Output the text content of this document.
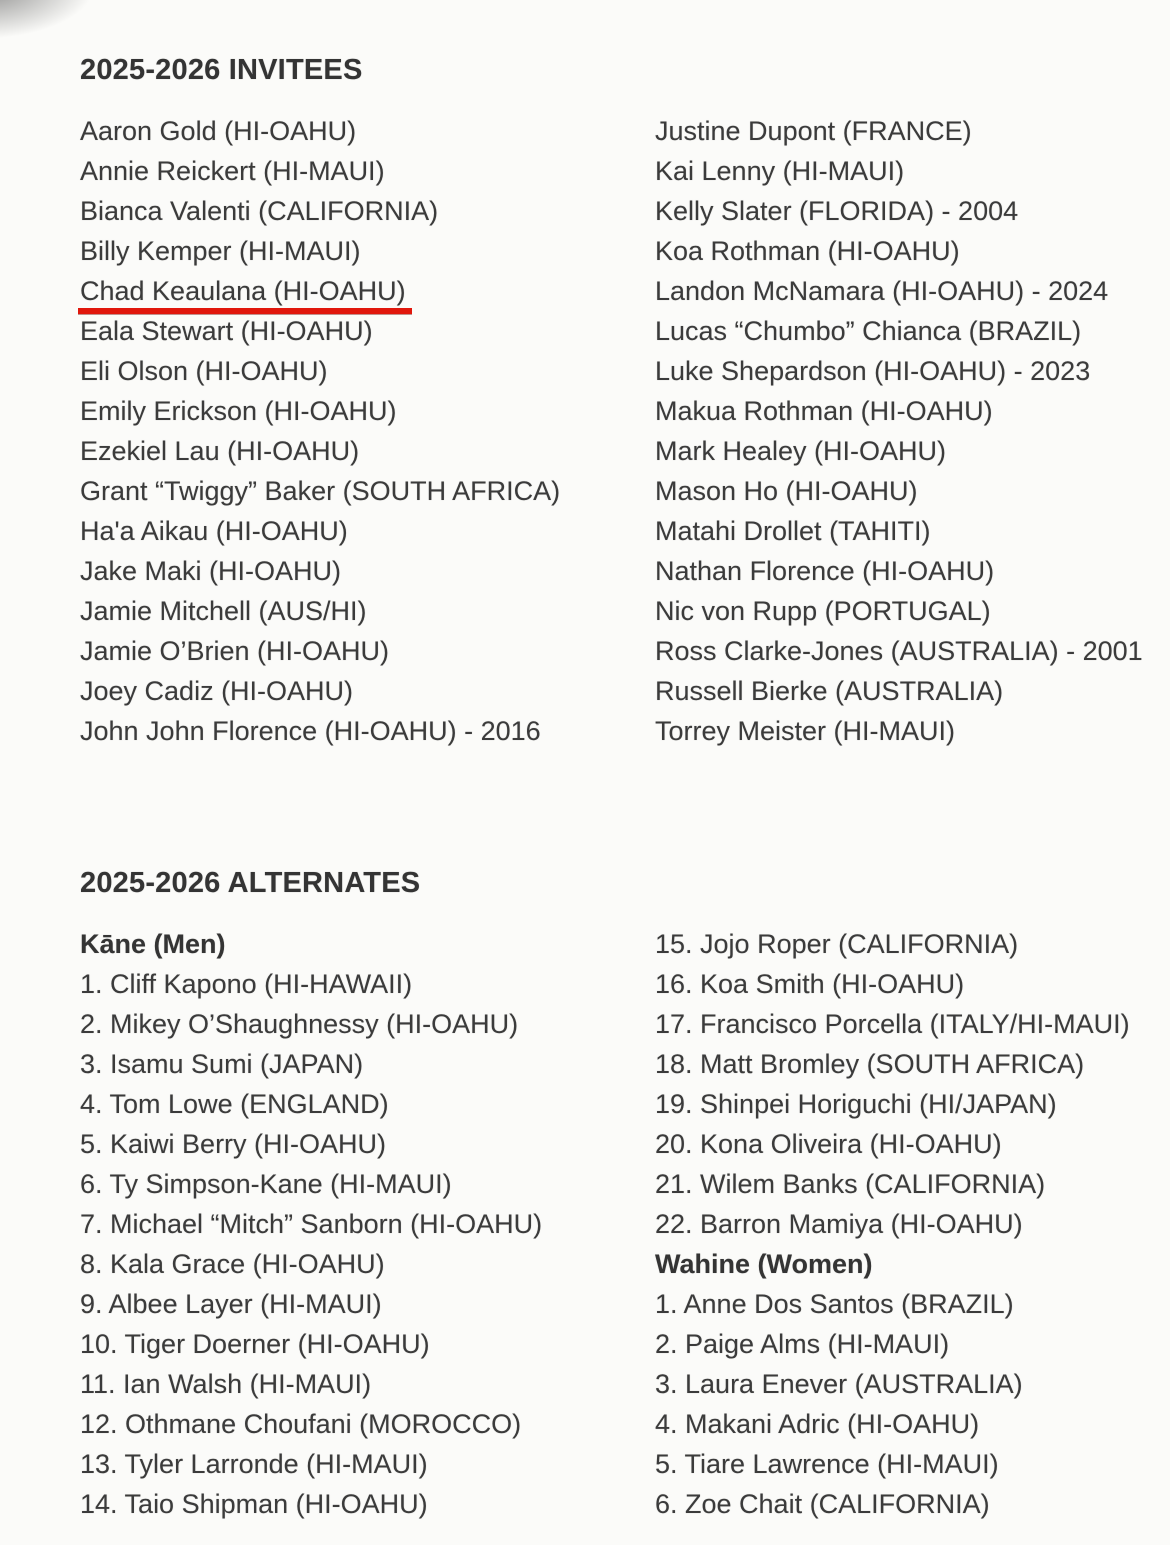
2025-2026 INVITEES
Aaron Gold (HI-OAHU)
Annie Reickert (HI-MAUI)
Bianca Valenti (CALIFORNIA)
Billy Kemper (HI-MAUI)
Chad Keaulana (HI-OAHU)
Eala Stewart (HI-OAHU)
Eli Olson (HI-OAHU)
Emily Erickson (HI-OAHU)
Ezekiel Lau (HI-OAHU)
Grant “Twiggy” Baker (SOUTH AFRICA)
Ha'a Aikau (HI-OAHU)
Jake Maki (HI-OAHU)
Jamie Mitchell (AUS/HI)
Jamie O’Brien (HI-OAHU)
Joey Cadiz (HI-OAHU)
John John Florence (HI-OAHU) - 2016
Justine Dupont (FRANCE)
Kai Lenny (HI-MAUI)
Kelly Slater (FLORIDA) - 2004
Koa Rothman (HI-OAHU)
Landon McNamara (HI-OAHU) - 2024
Lucas “Chumbo” Chianca (BRAZIL)
Luke Shepardson (HI-OAHU) - 2023
Makua Rothman (HI-OAHU)
Mark Healey (HI-OAHU)
Mason Ho (HI-OAHU)
Matahi Drollet (TAHITI)
Nathan Florence (HI-OAHU)
Nic von Rupp (PORTUGAL)
Ross Clarke-Jones (AUSTRALIA) - 2001
Russell Bierke (AUSTRALIA)
Torrey Meister (HI-MAUI)
2025-2026 ALTERNATES
Kāne (Men)
1. Cliff Kapono (HI-HAWAII)
2. Mikey O’Shaughnessy (HI-OAHU)
3. Isamu Sumi (JAPAN)
4. Tom Lowe (ENGLAND)
5. Kaiwi Berry (HI-OAHU)
6. Ty Simpson-Kane (HI-MAUI)
7. Michael “Mitch” Sanborn (HI-OAHU)
8. Kala Grace (HI-OAHU)
9. Albee Layer (HI-MAUI)
10. Tiger Doerner (HI-OAHU)
11. Ian Walsh (HI-MAUI)
12. Othmane Choufani (MOROCCO)
13. Tyler Larronde (HI-MAUI)
14. Taio Shipman (HI-OAHU)
15. Jojo Roper (CALIFORNIA)
16. Koa Smith (HI-OAHU)
17. Francisco Porcella (ITALY/HI-MAUI)
18. Matt Bromley (SOUTH AFRICA)
19. Shinpei Horiguchi (HI/JAPAN)
20. Kona Oliveira (HI-OAHU)
21. Wilem Banks (CALIFORNIA)
22. Barron Mamiya (HI-OAHU)
Wahine (Women)
1. Anne Dos Santos (BRAZIL)
2. Paige Alms (HI-MAUI)
3. Laura Enever (AUSTRALIA)
4. Makani Adric (HI-OAHU)
5. Tiare Lawrence (HI-MAUI)
6. Zoe Chait (CALIFORNIA)
